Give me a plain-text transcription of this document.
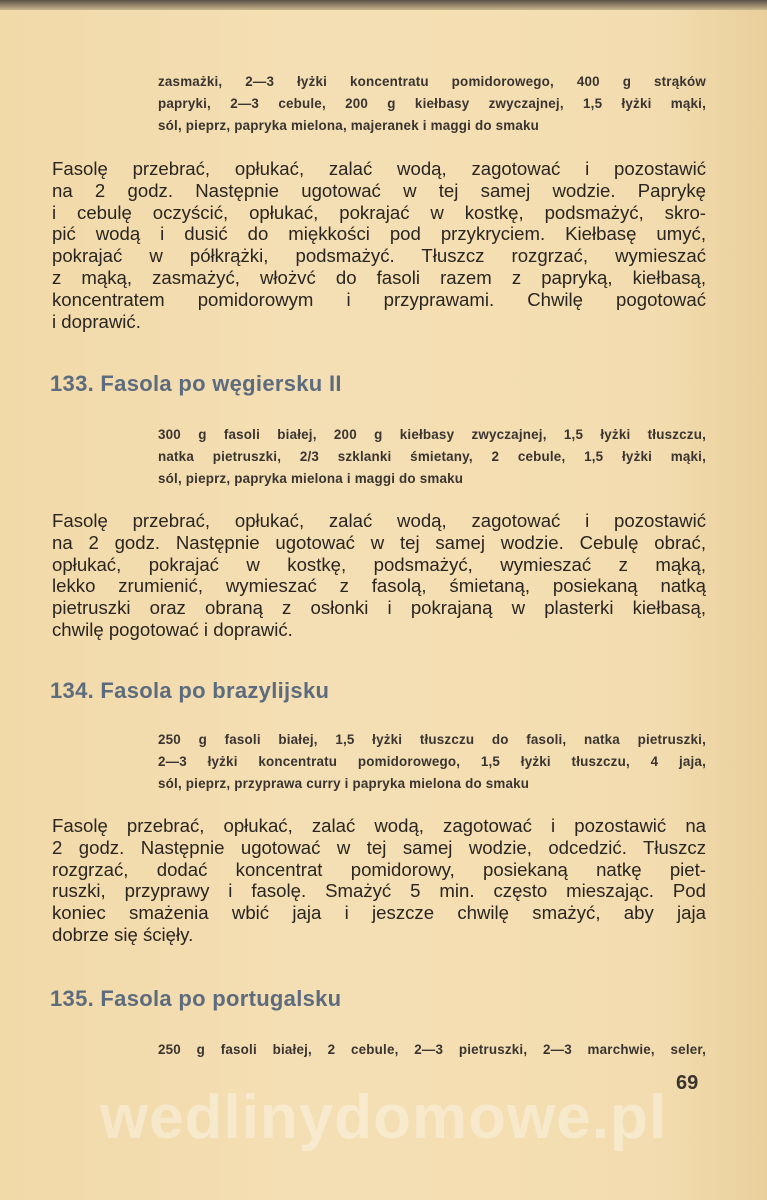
zasmażki, 2—3 łyżki koncentratu pomidorowego, 400 g strąków
papryki, 2—3 cebule, 200 g kiełbasy zwyczajnej, 1,5 łyżki mąki,
sól, pieprz, papryka mielona, majeranek i maggi do smaku
Fasolę przebrać, opłukać, zalać wodą, zagotować i pozostawić
na 2 godz. Następnie ugotować w tej samej wodzie. Paprykę
i cebulę oczyścić, opłukać, pokrajać w kostkę, podsmażyć, skro-
pić wodą i dusić do miękkości pod przykryciem. Kiełbasę umyć,
pokrajać w półkrążki, podsmażyć. Tłuszcz rozgrzać, wymieszać
z mąką, zasmażyć, włożvć do fasoli razem z papryką, kiełbasą,
koncentratem pomidorowym i przyprawami. Chwilę pogotować
i doprawić.
133. Fasola po węgiersku II
300 g fasoli białej, 200 g kiełbasy zwyczajnej, 1,5 łyżki tłuszczu,
natka pietruszki, 2/3 szklanki śmietany, 2 cebule, 1,5 łyżki mąki,
sól, pieprz, papryka mielona i maggi do smaku
Fasolę przebrać, opłukać, zalać wodą, zagotować i pozostawić
na 2 godz. Następnie ugotować w tej samej wodzie. Cebulę obrać,
opłukać, pokrajać w kostkę, podsmażyć, wymieszać z mąką,
lekko zrumienić, wymieszać z fasolą, śmietaną, posiekaną natką
pietruszki oraz obraną z osłonki i pokrajaną w plasterki kiełbasą,
chwilę pogotować i doprawić.
134. Fasola po brazylijsku
250 g fasoli białej, 1,5 łyżki tłuszczu do fasoli, natka pietruszki,
2—3 łyżki koncentratu pomidorowego, 1,5 łyżki tłuszczu, 4 jaja,
sól, pieprz, przyprawa curry i papryka mielona do smaku
Fasolę przebrać, opłukać, zalać wodą, zagotować i pozostawić na
2 godz. Następnie ugotować w tej samej wodzie, odcedzić. Tłuszcz
rozgrzać, dodać koncentrat pomidorowy, posiekaną natkę piet-
ruszki, przyprawy i fasolę. Smażyć 5 min. często mieszając. Pod
koniec smażenia wbić jaja i jeszcze chwilę smażyć, aby jaja
dobrze się ścięły.
135. Fasola po portugalsku
250 g fasoli białej, 2 cebule, 2—3 pietruszki, 2—3 marchwie, seler,
wedlinydomowe.pl 69
